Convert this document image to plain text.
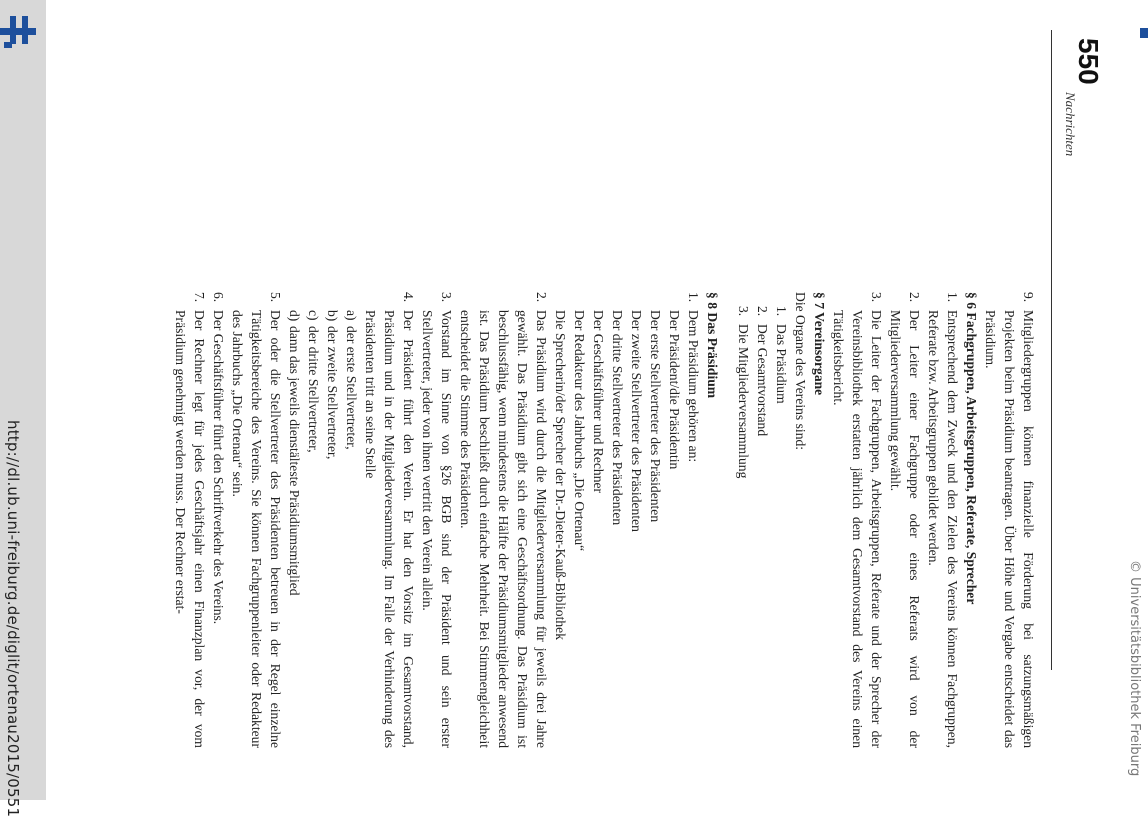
http://dl.ub.uni-freiburg.de/diglit/ortenau2015/0551	© Universitätsbibliothek Freiburg
550
Nachrichten
9.
Mitgliedergruppen können finanzielle Förderung bei satzungsmäßigen Projekten beim Präsidium beantragen. Über Höhe und Vergabe entscheidet das Präsidium.

§ 6 Fachgruppen, Arbeitsgruppen, Referate, Sprecher

1.
Entsprechend dem Zweck und den Zielen des Vereins können Fachgruppen, Referate bzw. Arbeitsgruppen gebildet werden.
2.
Der Leiter einer Fachgruppe oder eines Referats wird von der Mitgliederversammlung gewählt.
3.
Die Leiter der Fachgruppen, Arbeitsgruppen, Referate und der Sprecher der Vereinsbibliothek erstatten jährlich dem Gesamtvorstand des Vereins einen Tätigkeitsbericht.

§ 7 Vereinsorgane

Die Organe des Vereins sind:

1.
Das Präsidium
2.
Der Gesamtvorstand
3.
Die Mitgliederversammlung

§ 8 Das Präsidium

1.
Dem Präsidium gehören an:
Der Präsident/die Präsidentin
Der erste Stellvertreter des Präsidenten
Der zweite Stellvertreter des Präsidenten
Der dritte Stellvertreter des Präsidenten
Der Geschäftsführer und Rechner
Der Redakteur des Jahrbuchs „Die Ortenau“
Die Sprecherin/der Sprecher der Dr.-Dieter-Kauß-Bibliothek
2.
Das Präsidium wird durch die Mitgliederversammlung für jeweils drei Jahre gewählt. Das Präsidium gibt sich eine Geschäftsordnung. Das Präsidium ist beschlussfähig, wenn mindestens die Hälfte der Präsidiumsmitglieder anwesend ist. Das Präsidium beschließt durch einfache Mehrheit. Bei Stimmengleichheit entscheidet die Stimme des Präsidenten.
3.
Vorstand im Sinne von §26 BGB sind der Präsident und sein erster Stellvertreter, jeder von ihnen vertritt den Verein allein.
4.
Der Präsident führt den Verein. Er hat den Vorsitz im Gesamtvorstand, Präsidium und in der Mitgliederversammlung. Im Falle der Verhinderung des Präsidenten tritt an seine Stelle
a)
der erste Stellvertreter,
b)
der zweite Stellvertreter,
c)
der dritte Stellvertreter,
d)
dann das jeweils dienstälteste Präsidiumsmitglied
5.
Der oder die Stellvertreter des Präsidenten betreuen in der Regel einzelne Tätigkeitsbereiche des Vereins. Sie können Fachgruppenleiter oder Redakteur des Jahrbuchs „Die Ortenau“ sein.
6.
Der Geschäftsführer führt den Schriftverkehr des Vereins.
7.
Der Rechner legt für jedes Geschäftsjahr einen Finanzplan vor, der vom Präsidium genehmigt werden muss. Der Rechner erstat-
